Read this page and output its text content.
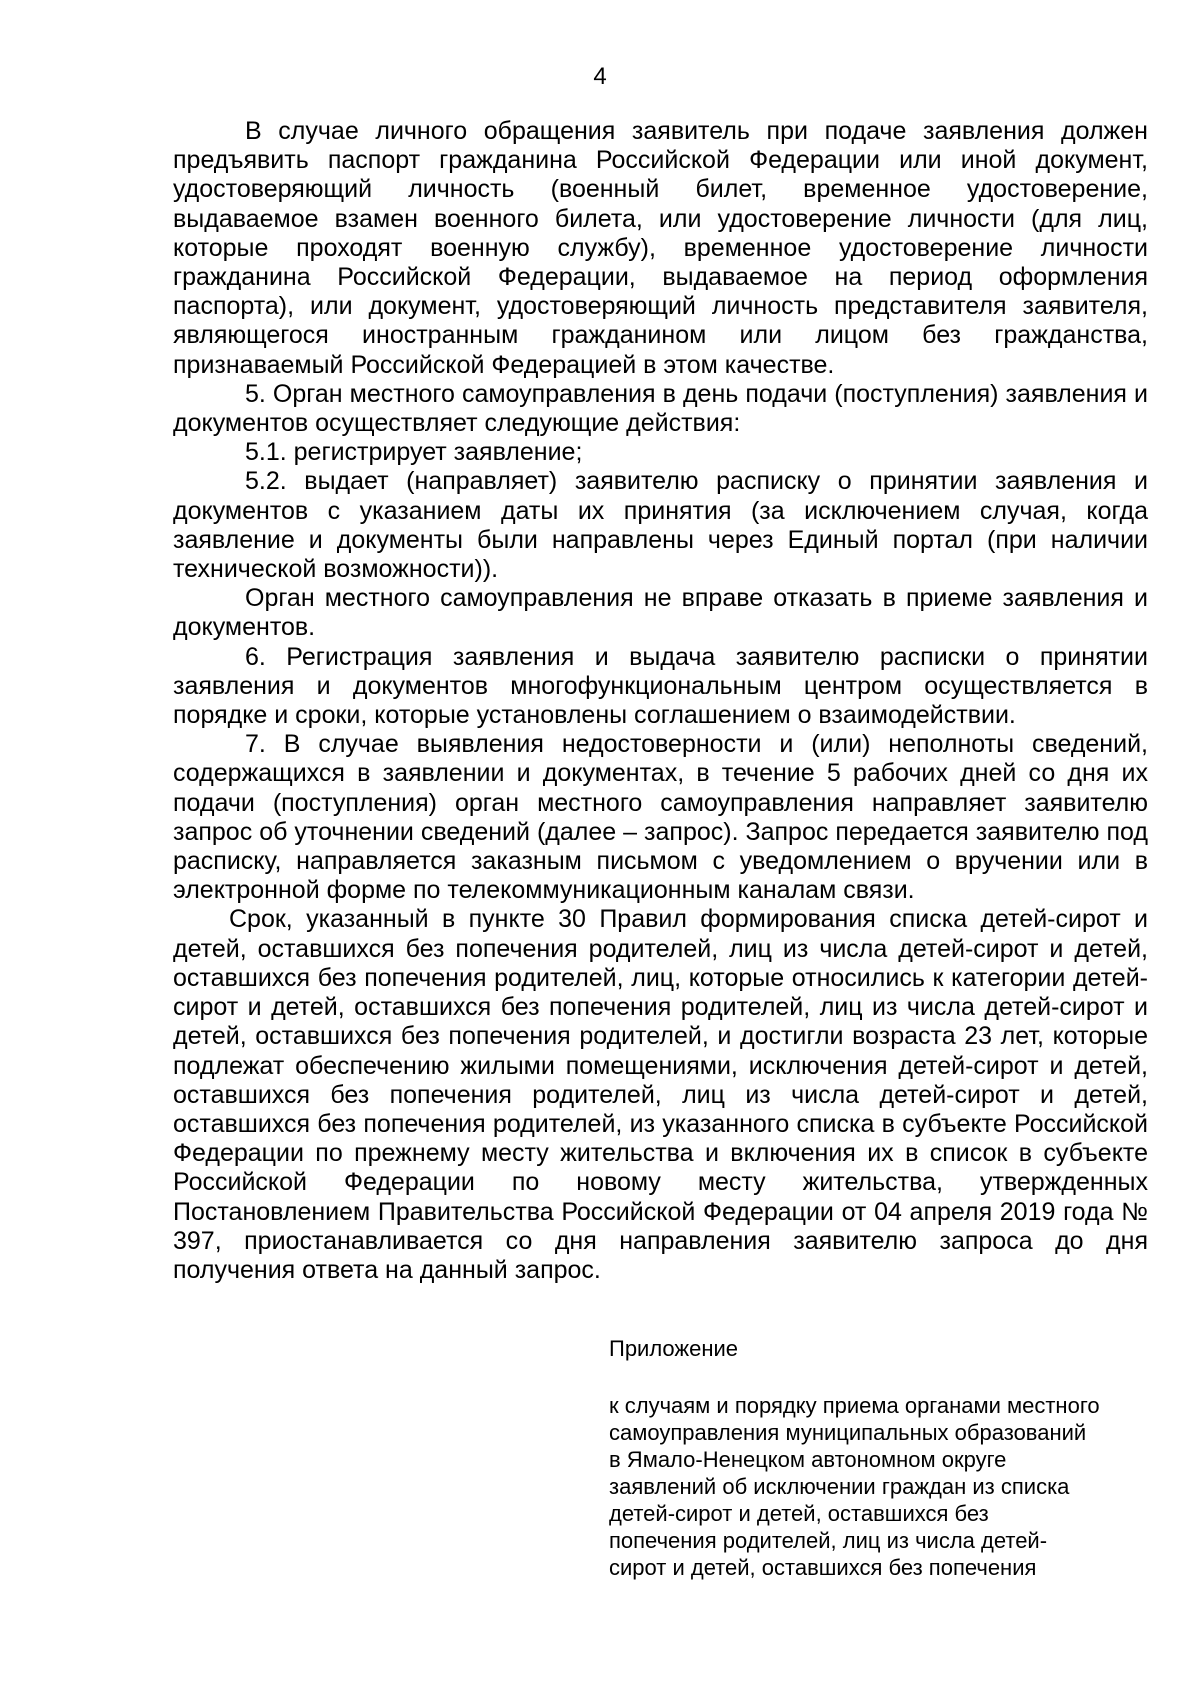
4

В случае личного обращения заявитель при подаче заявления должен предъявить паспорт гражданина Российской Федерации или иной документ, удостоверяющий личность (военный билет, временное удостоверение, выдаваемое взамен военного билета, или удостоверение личности (для лиц, которые проходят военную службу), временное удостоверение личности гражданина Российской Федерации, выдаваемое на период оформления паспорта), или документ, удостоверяющий личность представителя заявителя, являющегося иностранным гражданином или лицом без гражданства, признаваемый Российской Федерацией в этом качестве.

5. Орган местного самоуправления в день подачи (поступления) заявления и документов осуществляет следующие действия:

5.1. регистрирует заявление;

5.2. выдает (направляет) заявителю расписку о принятии заявления и документов с указанием даты их принятия (за исключением случая, когда заявление и документы были направлены через Единый портал (при наличии технической возможности)).

Орган местного самоуправления не вправе отказать в приеме заявления и документов.

6. Регистрация заявления и выдача заявителю расписки о принятии заявления и документов многофункциональным центром осуществляется в порядке и сроки, которые установлены соглашением о взаимодействии.

7. В случае выявления недостоверности и (или) неполноты сведений, содержащихся в заявлении и документах, в течение 5 рабочих дней со дня их подачи (поступления) орган местного самоуправления направляет заявителю запрос об уточнении сведений (далее – запрос). Запрос передается заявителю под расписку, направляется заказным письмом с уведомлением о вручении или в электронной форме по телекоммуникационным каналам связи.

Срок, указанный в пункте 30 Правил формирования списка детей-сирот и детей, оставшихся без попечения родителей, лиц из числа детей-сирот и детей, оставшихся без попечения родителей, лиц, которые относились к категории детей-сирот и детей, оставшихся без попечения родителей, лиц из числа детей-сирот и детей, оставшихся без попечения родителей, и достигли возраста 23 лет, которые подлежат обеспечению жилыми помещениями, исключения детей-сирот и детей, оставшихся без попечения родителей, лиц из числа детей-сирот и детей, оставшихся без попечения родителей, из указанного списка в субъекте Российской Федерации по прежнему месту жительства и включения их в список в субъекте Российской Федерации по новому месту жительства, утвержденных Постановлением Правительства Российской Федерации от 04 апреля 2019 года № 397, приостанавливается со дня направления заявителю запроса до дня получения ответа на данный запрос.

Приложение
к случаям и порядку приема органами местного
самоуправления муниципальных образований
в Ямало-Ненецком автономном округе
заявлений об исключении граждан из списка
детей-сирот и детей, оставшихся без
попечения родителей, лиц из числа детей-
сирот и детей, оставшихся без попечения
